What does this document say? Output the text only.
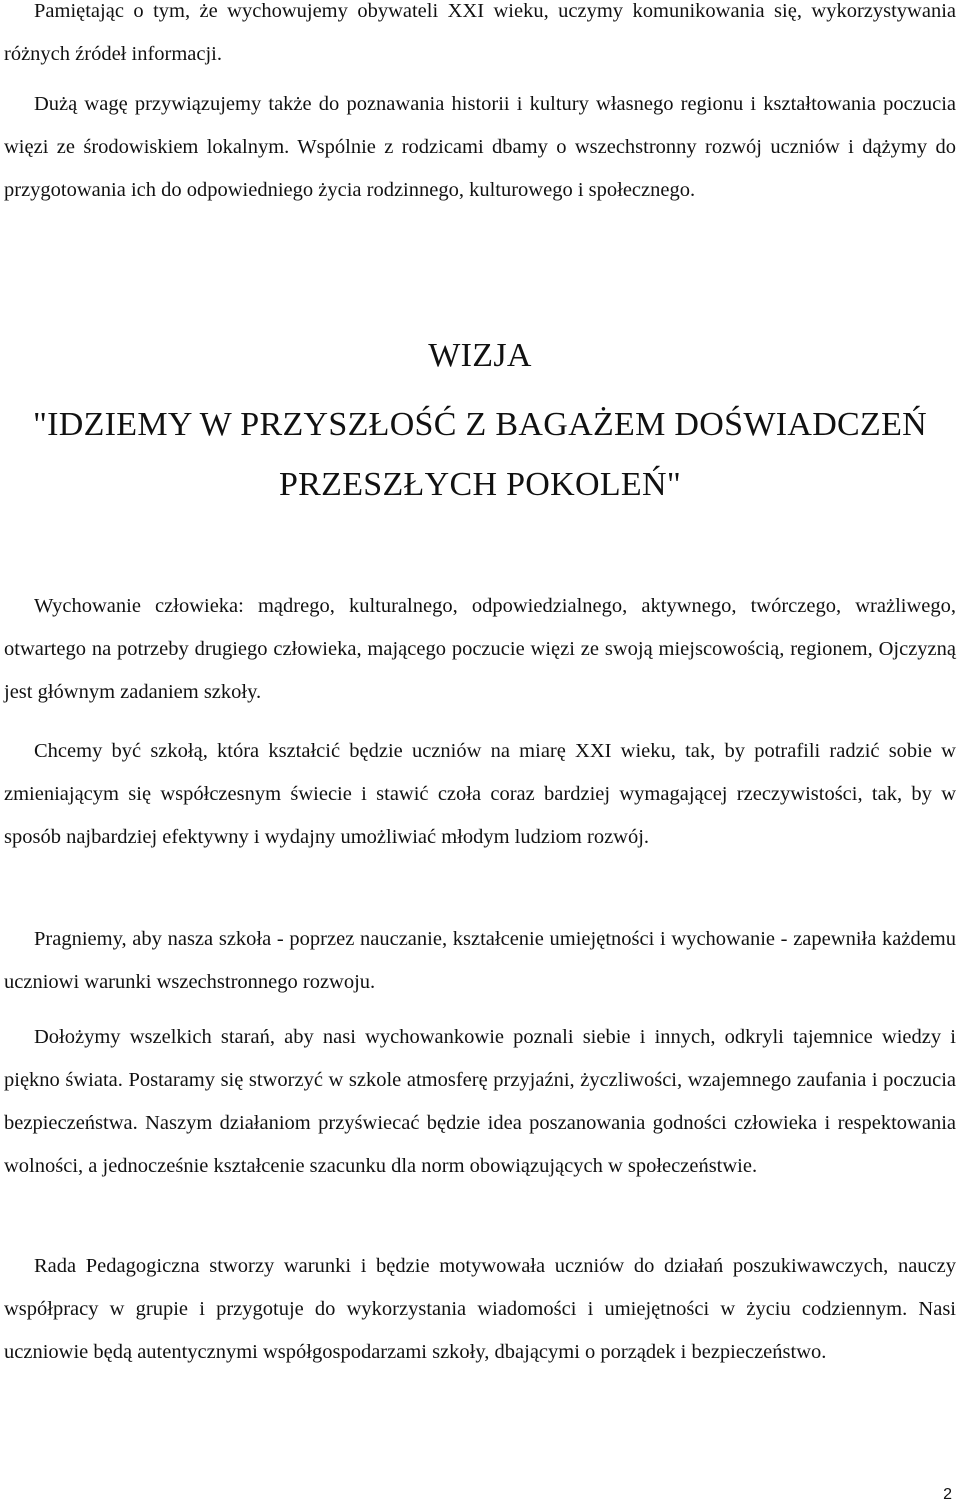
Pamiętając o tym, że wychowujemy obywateli XXI wieku, uczymy komunikowania się, wykorzystywania różnych źródeł informacji.

Dużą wagę przywiązujemy także do poznawania historii i kultury własnego regionu i kształtowania poczucia więzi ze środowiskiem lokalnym. Wspólnie z rodzicami dbamy o wszechstronny rozwój uczniów i dążymy do przygotowania ich do odpowiedniego życia rodzinnego, kulturowego i społecznego.

WIZJA
"IDZIEMY W PRZYSZŁOŚĆ Z BAGAŻEM DOŚWIADCZEŃ
PRZESZŁYCH POKOLEŃ"

Wychowanie człowieka: mądrego, kulturalnego, odpowiedzialnego, aktywnego, twórczego, wrażliwego, otwartego na potrzeby drugiego człowieka, mającego poczucie więzi ze swoją miejscowością, regionem, Ojczyzną jest głównym zadaniem szkoły.

Chcemy być szkołą, która kształcić będzie uczniów na miarę XXI wieku, tak, by potrafili radzić sobie w zmieniającym się współczesnym świecie i stawić czoła coraz bardziej wymagającej rzeczywistości, tak, by w sposób najbardziej efektywny i wydajny umożliwiać młodym ludziom rozwój.

Pragniemy, aby nasza szkoła - poprzez nauczanie, kształcenie umiejętności i wychowanie - zapewniła każdemu uczniowi warunki wszechstronnego rozwoju.

Dołożymy wszelkich starań, aby nasi wychowankowie poznali siebie i innych, odkryli tajemnice wiedzy i piękno świata. Postaramy się stworzyć w szkole atmosferę przyjaźni, życzliwości, wzajemnego zaufania i poczucia bezpieczeństwa. Naszym działaniom przyświecać będzie idea poszanowania godności człowieka i respektowania wolności, a jednocześnie kształcenie szacunku dla norm obowiązujących w społeczeństwie.

Rada Pedagogiczna stworzy warunki i będzie motywowała uczniów do działań poszukiwawczych, nauczy współpracy w grupie i przygotuje do wykorzystania wiadomości i umiejętności w życiu codziennym. Nasi uczniowie będą autentycznymi współgospodarzami szkoły, dbającymi o porządek i bezpieczeństwo.

2
